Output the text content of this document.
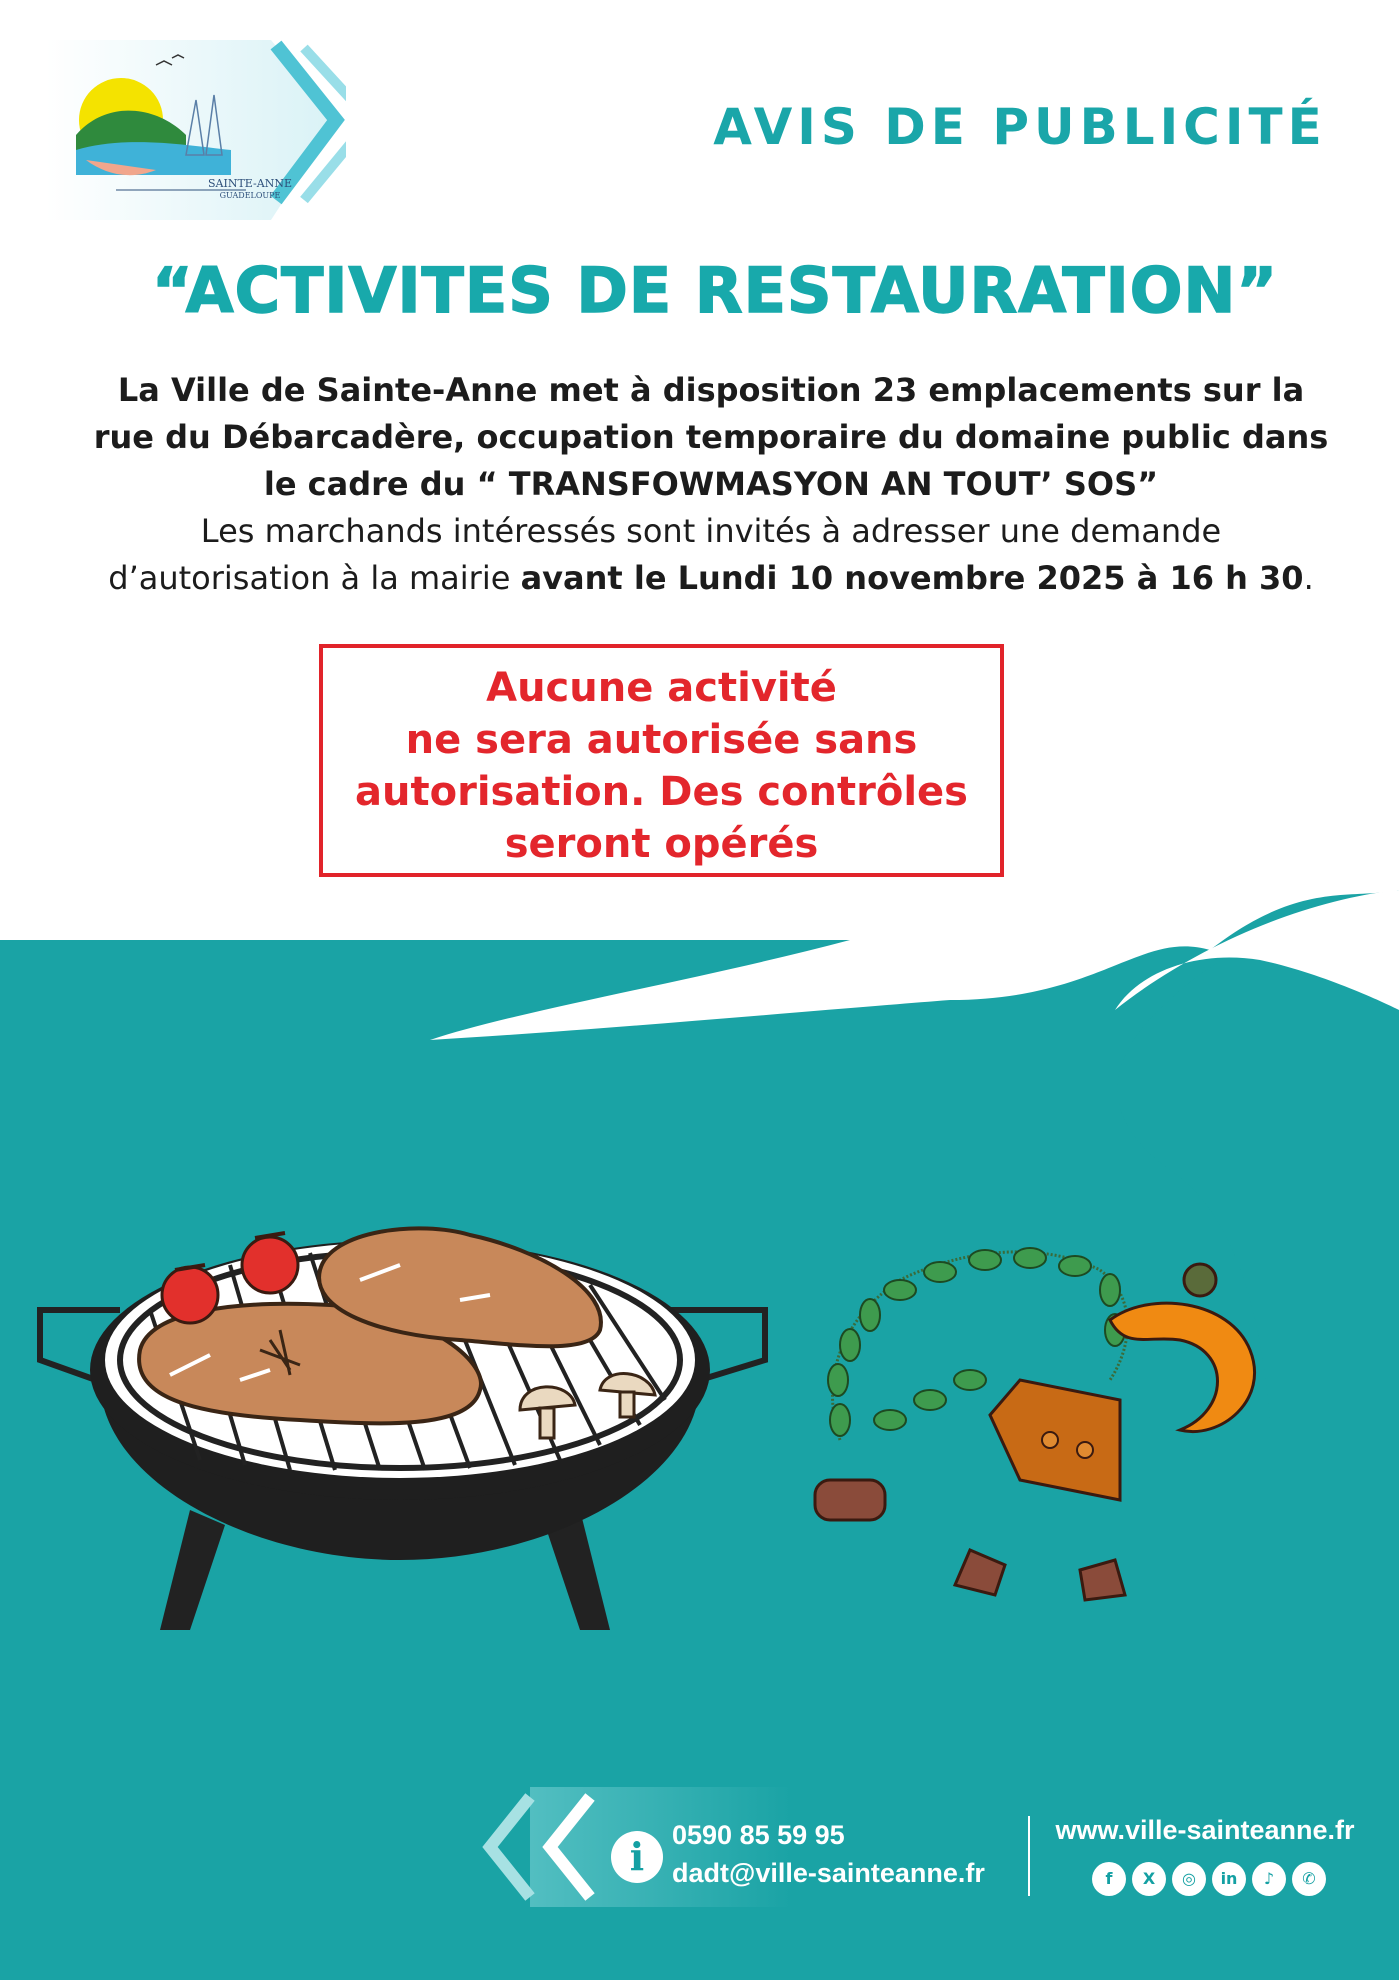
SAINTE-ANNE
GUADELOUPE
AVIS DE PUBLICITÉ
“ACTIVITES DE RESTAURATION”

La Ville de Sainte-Anne met à disposition 23 emplacements sur la

rue du Débarcadère, occupation temporaire du domaine public dans

le cadre du “ TRANSFOWMASYON AN TOUT’ SOS”

Les marchands intéressés sont invités à adresser une demande

d’autorisation à la mairie avant le Lundi 10 novembre 2025 à 16 h 30.

Aucune activité
ne sera autorisée sans
autorisation. Des contrôles
seront opérés
i	0590 85 59 95
dadt@ville-sainteanne.fr
www.ville-sainteanne.fr
f	X	◎	in	♪	✆
